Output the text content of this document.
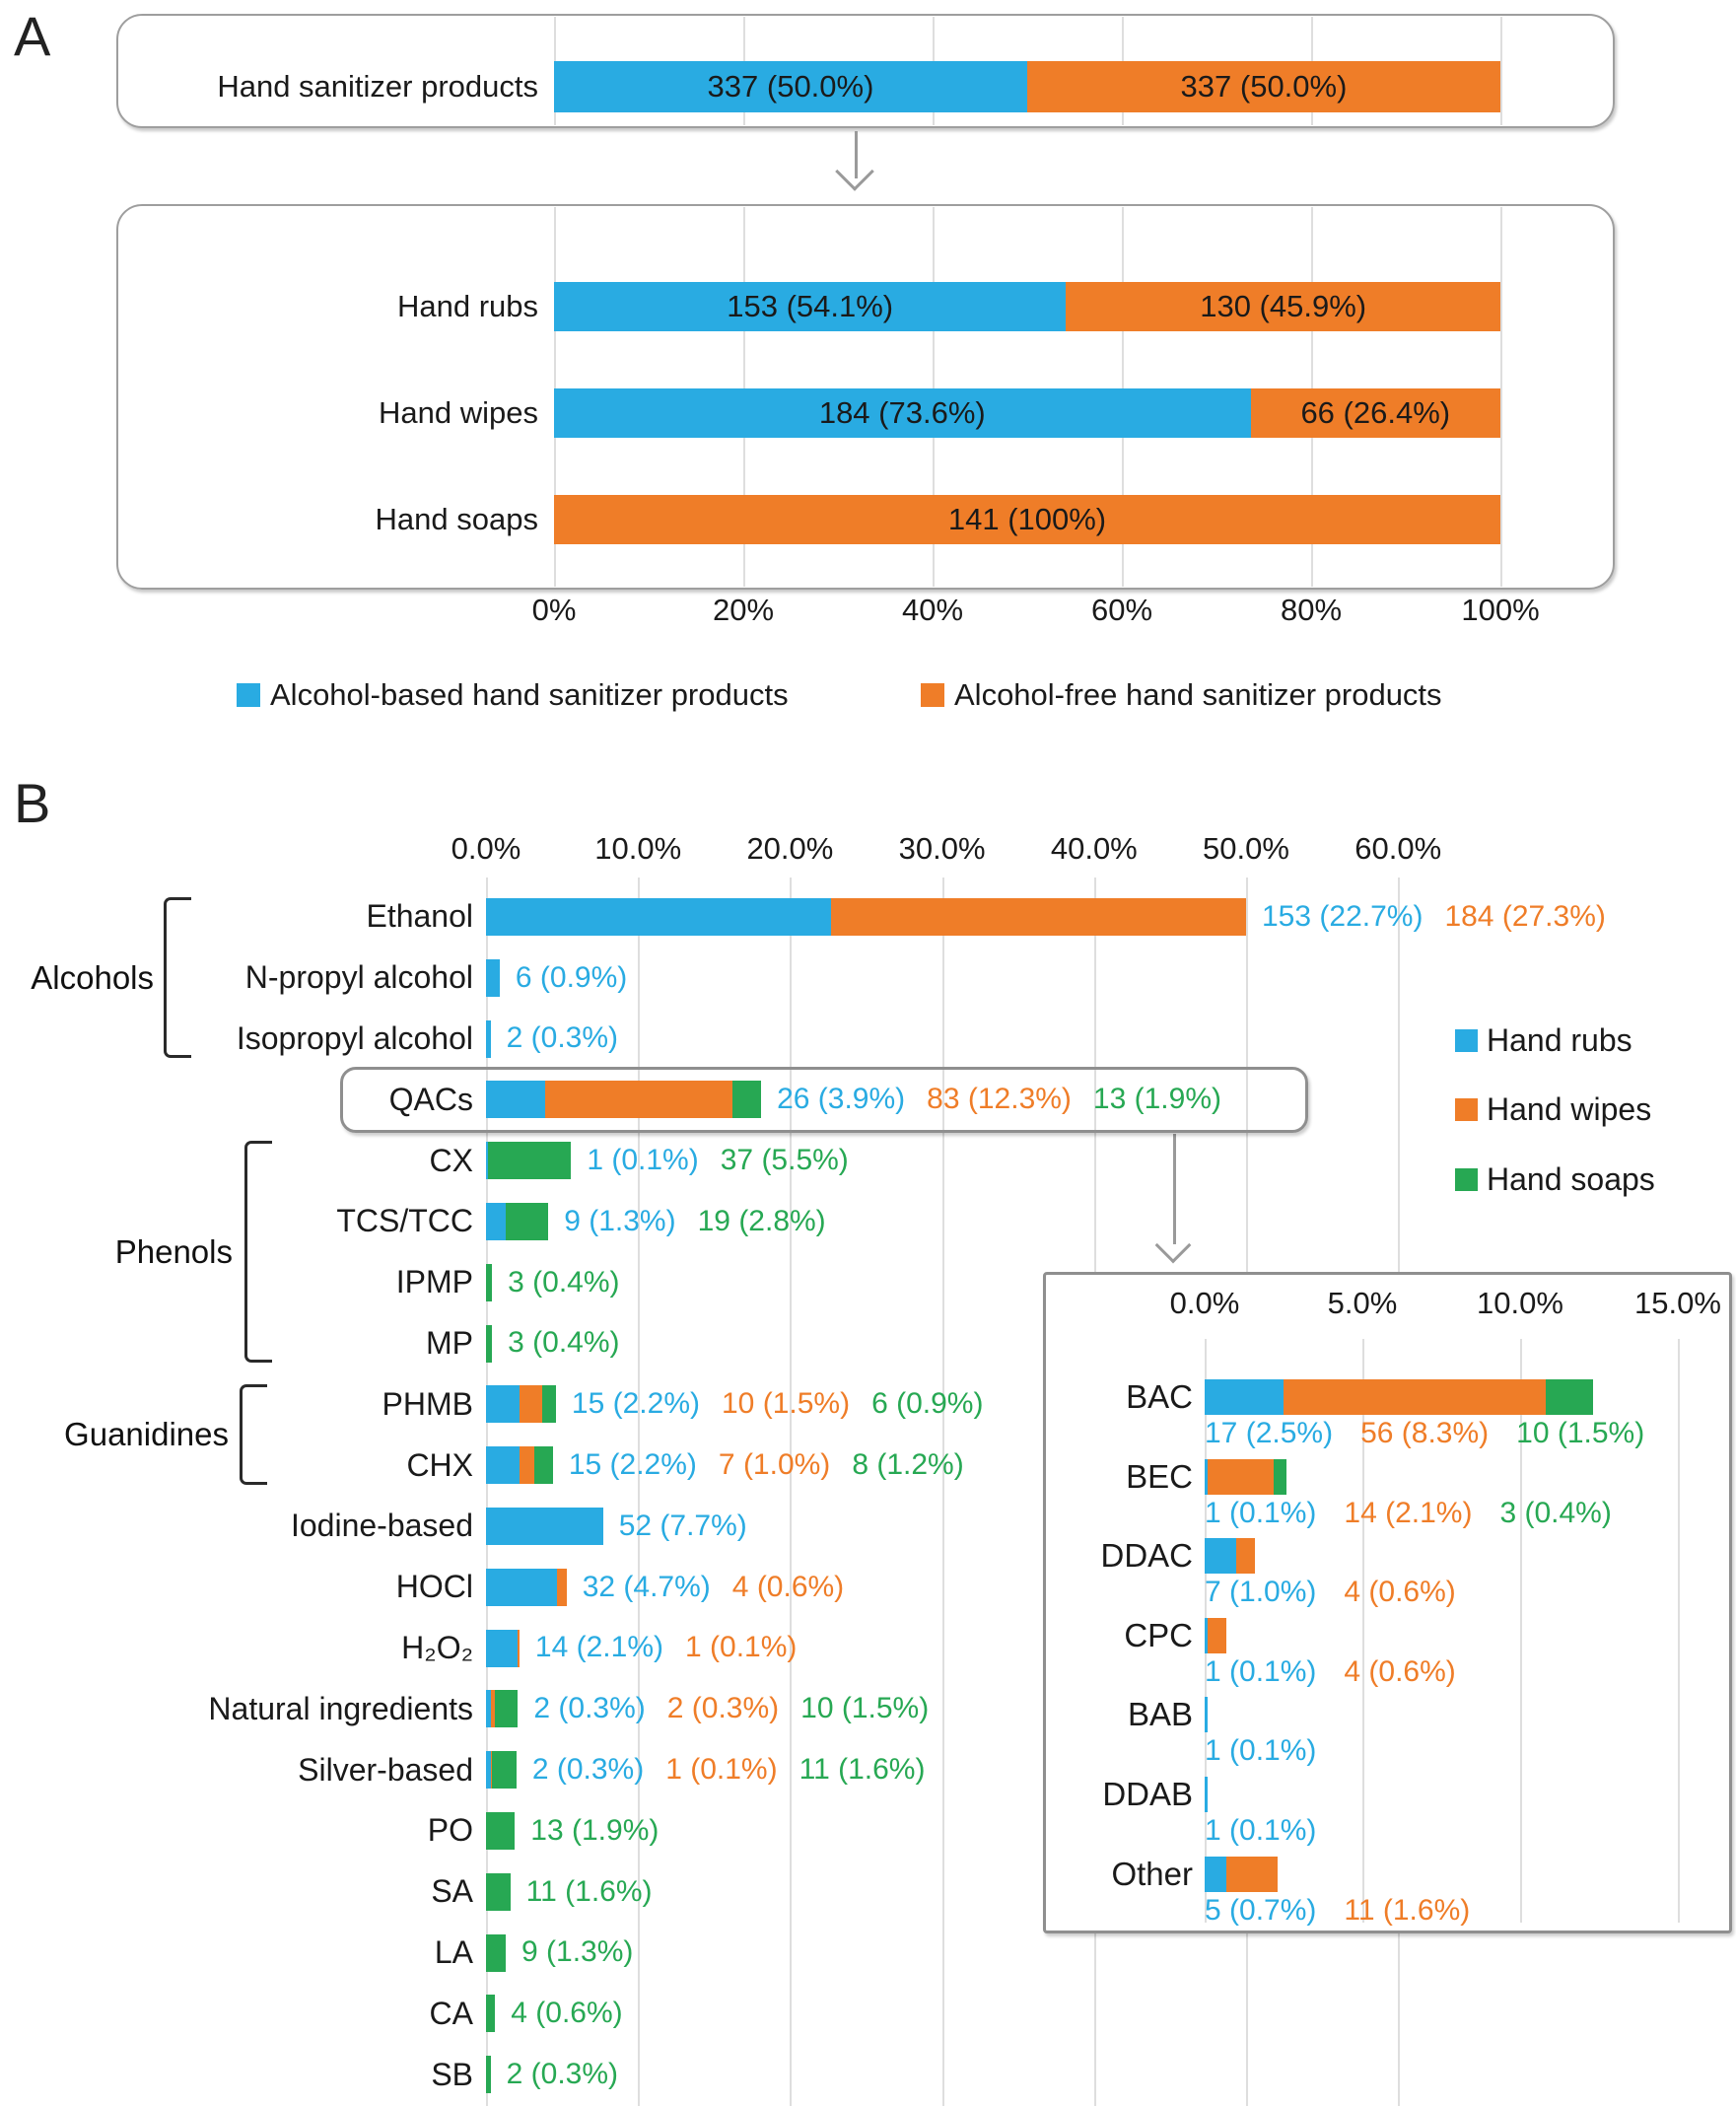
A
B
Hand sanitizer products	337 (50.0%)	337 (50.0%)
Hand rubs	153 (54.1%)	130 (45.9%)
Hand wipes	184 (73.6%)	66 (26.4%)
Hand soaps	141 (100%)
0%	20%	40%	60%	80%	100%
Alcohol-based hand sanitizer products	Alcohol-free hand sanitizer products
0.0%	10.0%	20.0%	30.0%	40.0%	50.0%	60.0%
Ethanol	153 (22.7%) 184 (27.3%)
N-propyl alcohol 6 (0.9%)
Isopropyl alcohol 2 (0.3%)
QACs	26 (3.9%) 83 (12.3%) 13 (1.9%)
CX	1 (0.1%) 37 (5.5%)
TCS/TCC	9 (1.3%) 19 (2.8%)
IPMP 3 (0.4%)
MP 3 (0.4%)
PHMB	15 (2.2%) 10 (1.5%) 6 (0.9%)
CHX	15 (2.2%) 7 (1.0%) 8 (1.2%)
Iodine-based	52 (7.7%)
HOCl	32 (4.7%) 4 (0.6%)
H₂O₂ 14 (2.1%) 1 (0.1%)
Natural ingredients 2 (0.3%) 2 (0.3%) 10 (1.5%)
Silver-based 2 (0.3%) 1 (0.1%) 11 (1.6%)
PO 13 (1.9%)
SA 11 (1.6%)
LA 9 (1.3%)
CA 4 (0.6%)
SB 2 (0.3%)
Alcohols
Phenols
Guanidines
Hand rubs
Hand wipes
Hand soaps
0.0%	5.0%	10.0%	15.0%
BAC
17 (2.5%) 56 (8.3%) 10 (1.5%)
BEC
1 (0.1%) 14 (2.1%) 3 (0.4%)
DDAC
7 (1.0%) 4 (0.6%)
CPC
1 (0.1%) 4 (0.6%)
BAB
1 (0.1%)
DDAB
1 (0.1%)
Other
5 (0.7%) 11 (1.6%)
